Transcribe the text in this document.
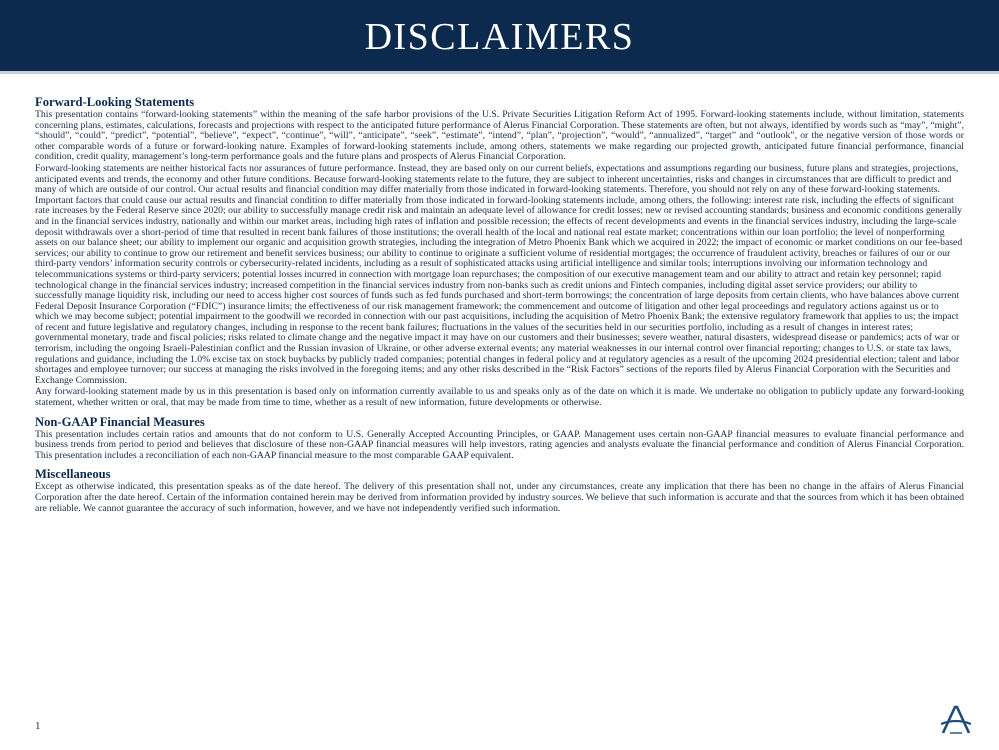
DISCLAIMERS
Forward-Looking Statements

This presentation contains “forward-looking statements” within the meaning of the safe harbor provisions of the U.S. Private Securities Litigation Reform Act of 1995. Forward-looking statements include, without limitation, statements concerning plans, estimates, calculations, forecasts and projections with respect to the anticipated future performance of Alerus Financial Corporation. These statements are often, but not always, identified by words such as “may”, “might”, “should”, “could”, “predict”, “potential”, “believe”, “expect”, “continue”, “will”, “anticipate”, “seek”, “estimate”, “intend”, “plan”, “projection”, “would”, “annualized”, “target” and “outlook”, or the negative version of those words or other comparable words of a future or forward-looking nature. Examples of forward-looking statements include, among others, statements we make regarding our projected growth, anticipated future financial performance, financial condition, credit quality, management’s long-term performance goals and the future plans and prospects of Alerus Financial Corporation.

Forward-looking statements are neither historical facts nor assurances of future performance. Instead, they are based only on our current beliefs, expectations and assumptions regarding our business, future plans and strategies, projections, anticipated events and trends, the economy and other future conditions. Because forward-looking statements relate to the future, they are subject to inherent uncertainties, risks and changes in circumstances that are difficult to predict and many of which are outside of our control. Our actual results and financial condition may differ materially from those indicated in forward-looking statements. Therefore, you should not rely on any of these forward-looking statements. Important factors that could cause our actual results and financial condition to differ materially from those indicated in forward-looking statements include, among others, the following: interest rate risk, including the effects of significant rate increases by the Federal Reserve since 2020; our ability to successfully manage credit risk and maintain an adequate level of allowance for credit losses; new or revised accounting standards; business and economic conditions generally and in the financial services industry, nationally and within our market areas, including high rates of inflation and possible recession; the effects of recent developments and events in the financial services industry, including the large-scale deposit withdrawals over a short-period of time that resulted in recent bank failures of those institutions; the overall health of the local and national real estate market; concentrations within our loan portfolio; the level of nonperforming assets on our balance sheet; our ability to implement our organic and acquisition growth strategies, including the integration of Metro Phoenix Bank which we acquired in 2022; the impact of economic or market conditions on our fee-based services; our ability to continue to grow our retirement and benefit services business; our ability to continue to originate a sufficient volume of residential mortgages; the occurrence of fraudulent activity, breaches or failures of our or our third-party vendors’ information security controls or cybersecurity-related incidents, including as a result of sophisticated attacks using artificial intelligence and similar tools; interruptions involving our information technology and telecommunications systems or third-party servicers; potential losses incurred in connection with mortgage loan repurchases; the composition of our executive management team and our ability to attract and retain key personnel; rapid technological change in the financial services industry; increased competition in the financial services industry from non-banks such as credit unions and Fintech companies, including digital asset service providers; our ability to successfully manage liquidity risk, including our need to access higher cost sources of funds such as fed funds purchased and short-term borrowings; the concentration of large deposits from certain clients, who have balances above current Federal Deposit Insurance Corporation (“FDIC”) insurance limits; the effectiveness of our risk management framework; the commencement and outcome of litigation and other legal proceedings and regulatory actions against us or to which we may become subject; potential impairment to the goodwill we recorded in connection with our past acquisitions, including the acquisition of Metro Phoenix Bank; the extensive regulatory framework that applies to us; the impact of recent and future legislative and regulatory changes, including in response to the recent bank failures; fluctuations in the values of the securities held in our securities portfolio, including as a result of changes in interest rates; governmental monetary, trade and fiscal policies; risks related to climate change and the negative impact it may have on our customers and their businesses; severe weather, natural disasters, widespread disease or pandemics; acts of war or terrorism, including the ongoing Israeli-Palestinian conflict and the Russian invasion of Ukraine, or other adverse external events; any material weaknesses in our internal control over financial reporting; changes to U.S. or state tax laws, regulations and guidance, including the 1.0% excise tax on stock buybacks by publicly traded companies; potential changes in federal policy and at regulatory agencies as a result of the upcoming 2024 presidential election; talent and labor shortages and employee turnover; our success at managing the risks involved in the foregoing items; and any other risks described in the “Risk Factors” sections of the reports filed by Alerus Financial Corporation with the Securities and Exchange Commission.

Any forward-looking statement made by us in this presentation is based only on information currently available to us and speaks only as of the date on which it is made. We undertake no obligation to publicly update any forward-looking statement, whether written or oral, that may be made from time to time, whether as a result of new information, future developments or otherwise.

Non-GAAP Financial Measures

This presentation includes certain ratios and amounts that do not conform to U.S. Generally Accepted Accounting Principles, or GAAP. Management uses certain non-GAAP financial measures to evaluate financial performance and business trends from period to period and believes that disclosure of these non-GAAP financial measures will help investors, rating agencies and analysts evaluate the financial performance and condition of Alerus Financial Corporation. This presentation includes a reconciliation of each non-GAAP financial measure to the most comparable GAAP equivalent.

Miscellaneous

Except as otherwise indicated, this presentation speaks as of the date hereof. The delivery of this presentation shall not, under any circumstances, create any implication that there has been no change in the affairs of Alerus Financial Corporation after the date hereof. Certain of the information contained herein may be derived from information provided by industry sources. We believe that such information is accurate and that the sources from which it has been obtained are reliable. We cannot guarantee the accuracy of such information, however, and we have not independently verified such information.

1
